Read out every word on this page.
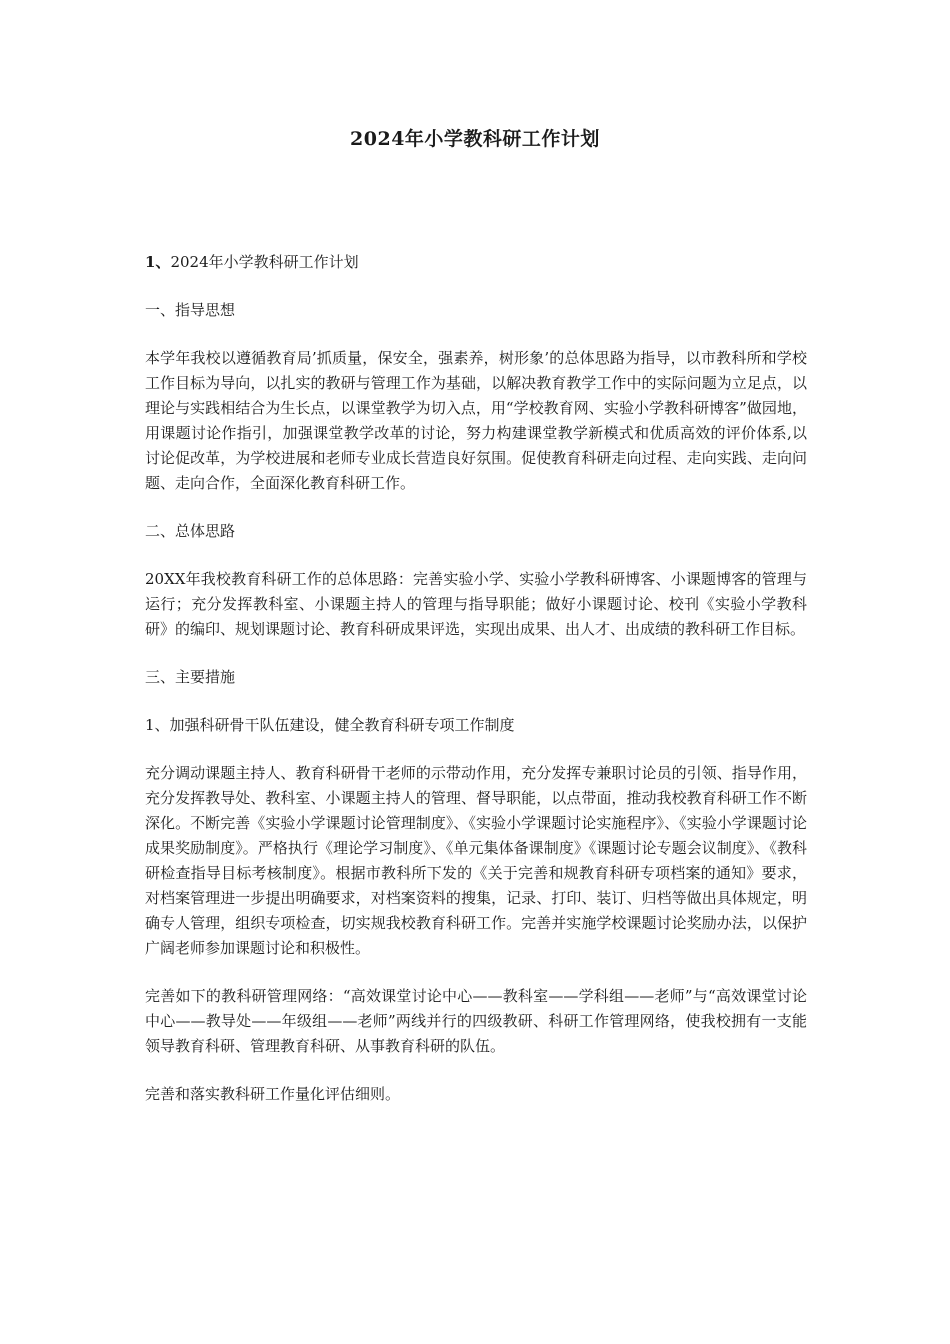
2024年小学教科研工作计划

1、2024年小学教科研工作计划

一、指导思想

本学年我校以遵循教育局’抓质量，保安全，强素养，树形象’的总体思路为指导，以市教科所和学校工作目标为导向，以扎实的教研与管理工作为基础，以解决教育教学工作中的实际问题为立足点，以理论与实践相结合为生长点，以课堂教学为切入点，用“学校教育网、实验小学教科研博客”做园地，用课题讨论作指引，加强课堂教学改革的讨论，努力构建课堂教学新模式和优质高效的评价体系,以讨论促改革，为学校进展和老师专业成长营造良好氛围。促使教育科研走向过程、走向实践、走向问题、走向合作，全面深化教育科研工作。

二、总体思路

20XX年我校教育科研工作的总体思路：完善实验小学、实验小学教科研博客、小课题博客的管理与运行；充分发挥教科室、小课题主持人的管理与指导职能；做好小课题讨论、校刊《实验小学教科研》的编印、规划课题讨论、教育科研成果评选，实现出成果、出人才、出成绩的教科研工作目标。

三、主要措施

1、加强科研骨干队伍建设，健全教育科研专项工作制度

充分调动课题主持人、教育科研骨干老师的示带动作用，充分发挥专兼职讨论员的引领、指导作用，充分发挥教导处、教科室、小课题主持人的管理、督导职能，以点带面，推动我校教育科研工作不断深化。不断完善《实验小学课题讨论管理制度》、《实验小学课题讨论实施程序》、《实验小学课题讨论成果奖励制度》。严格执行《理论学习制度》、《单元集体备课制度》《课题讨论专题会议制度》、《教科研检查指导目标考核制度》。根据市教科所下发的《关于完善和规教育科研专项档案的通知》要求，对档案管理进一步提出明确要求，对档案资料的搜集，记录、打印、装订、归档等做出具体规定，明确专人管理，组织专项检查，切实规我校教育科研工作。完善并实施学校课题讨论奖励办法，以保护广阔老师参加课题讨论和积极性。

完善如下的教科研管理网络：“高效课堂讨论中心——教科室——学科组——老师”与“高效课堂讨论中心——教导处——年级组——老师”两线并行的四级教研、科研工作管理网络，使我校拥有一支能领导教育科研、管理教育科研、从事教育科研的队伍。

完善和落实教科研工作量化评估细则。
